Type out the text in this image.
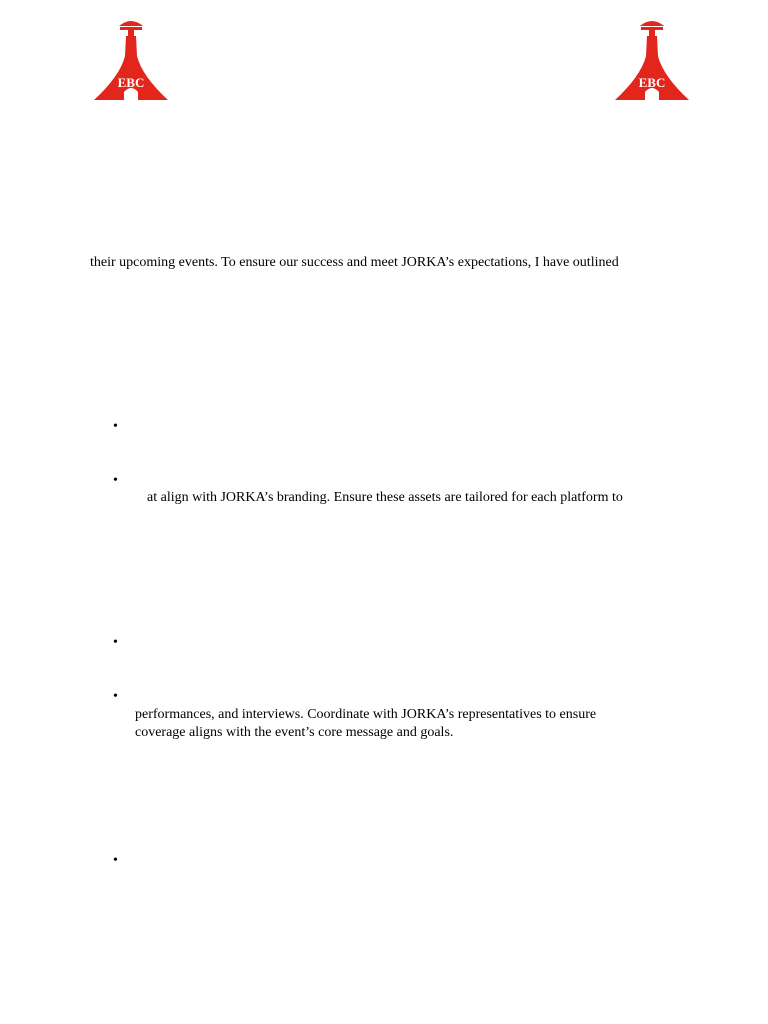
EBC	EBC
their upcoming events. To ensure our success and meet JORKA’s expectations, I have outlined
•
•
at align with JORKA’s branding. Ensure these assets are tailored for each platform to
•
•
performances, and interviews. Coordinate with JORKA’s representatives to ensure
coverage aligns with the event’s core message and goals.
•
